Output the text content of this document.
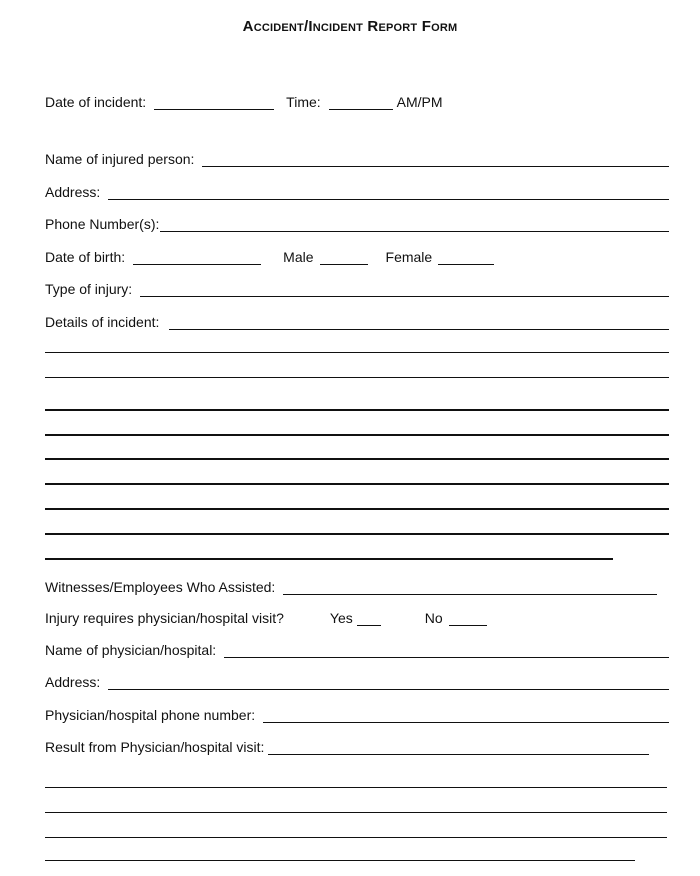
ACCIDENT/INCIDENT REPORT FORM
Date of incident:	Time:	AM/PM
Name of injured person:
Address:
Phone Number(s):
Date of birth:	Male	Female
Type of injury:
Details of incident:
Witnesses/Employees Who Assisted:
Injury requires physician/hospital visit?	Yes	No
Name of physician/hospital:
Address:
Physician/hospital phone number:
Result from Physician/hospital visit:
